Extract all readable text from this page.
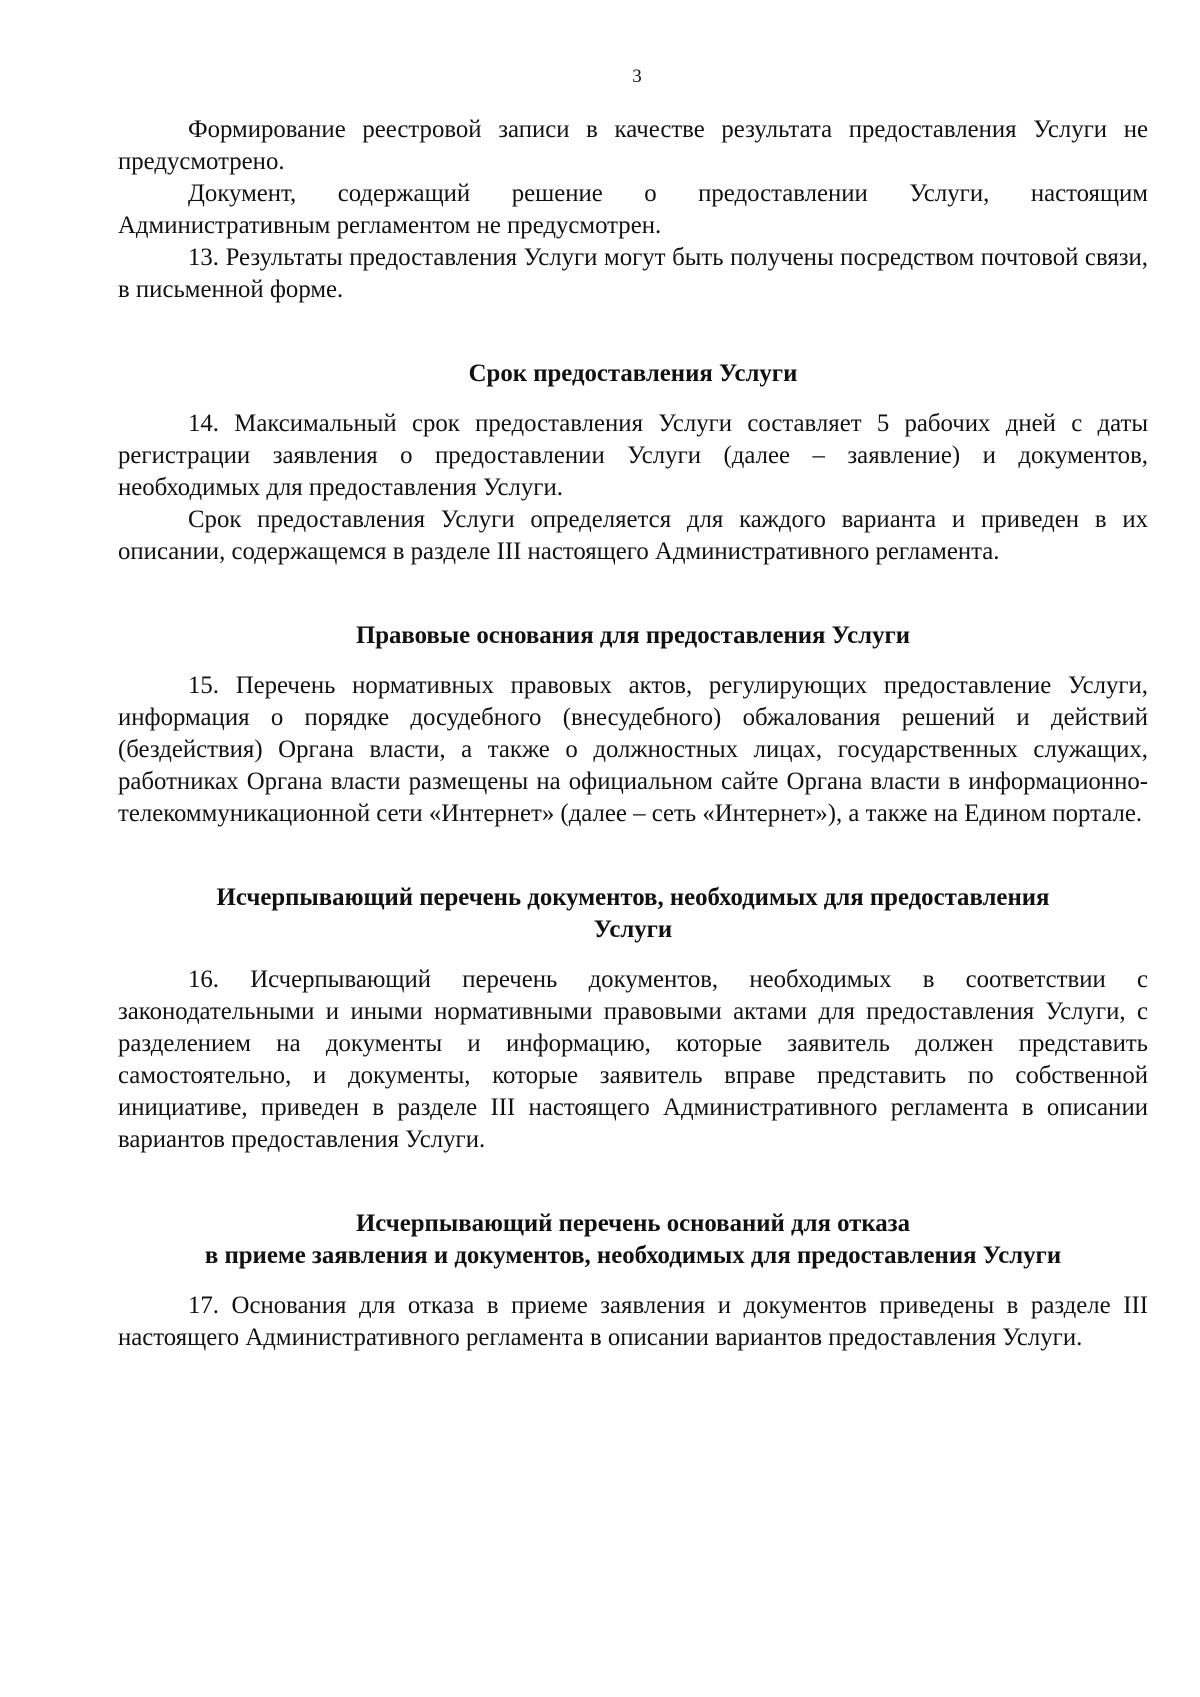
3

Формирование реестровой записи в качестве результата предоставления Услуги не предусмотрено.

Документ, содержащий решение о предоставлении Услуги, настоящим Административным регламентом не предусмотрен.

13. Результаты предоставления Услуги могут быть получены посредством почтовой связи, в письменной форме.

Срок предоставления Услуги

14. Максимальный срок предоставления Услуги составляет 5 рабочих дней с даты регистрации заявления о предоставлении Услуги (далее – заявление) и документов, необходимых для предоставления Услуги.

Срок предоставления Услуги определяется для каждого варианта и приведен в их описании, содержащемся в разделе III настоящего Административного регламента.

Правовые основания для предоставления Услуги

15. Перечень нормативных правовых актов, регулирующих предоставление Услуги, информация о порядке досудебного (внесудебного) обжалования решений и действий (бездействия) Органа власти, а также о должностных лицах, государственных служащих, работниках Органа власти размещены на официальном сайте Органа власти в информационно-телекоммуникационной сети «Интернет» (далее – сеть «Интернет»), а также на Едином портале.

Исчерпывающий перечень документов, необходимых для предоставления
Услуги

16. Исчерпывающий перечень документов, необходимых в соответствии с законодательными и иными нормативными правовыми актами для предоставления Услуги, с разделением на документы и информацию, которые заявитель должен представить самостоятельно, и документы, которые заявитель вправе представить по собственной инициативе, приведен в разделе III настоящего Административного регламента в описании вариантов предоставления Услуги.

Исчерпывающий перечень оснований для отказа
в приеме заявления и документов, необходимых для предоставления Услуги

17. Основания для отказа в приеме заявления и документов приведены в разделе III настоящего Административного регламента в описании вариантов предоставления Услуги.
